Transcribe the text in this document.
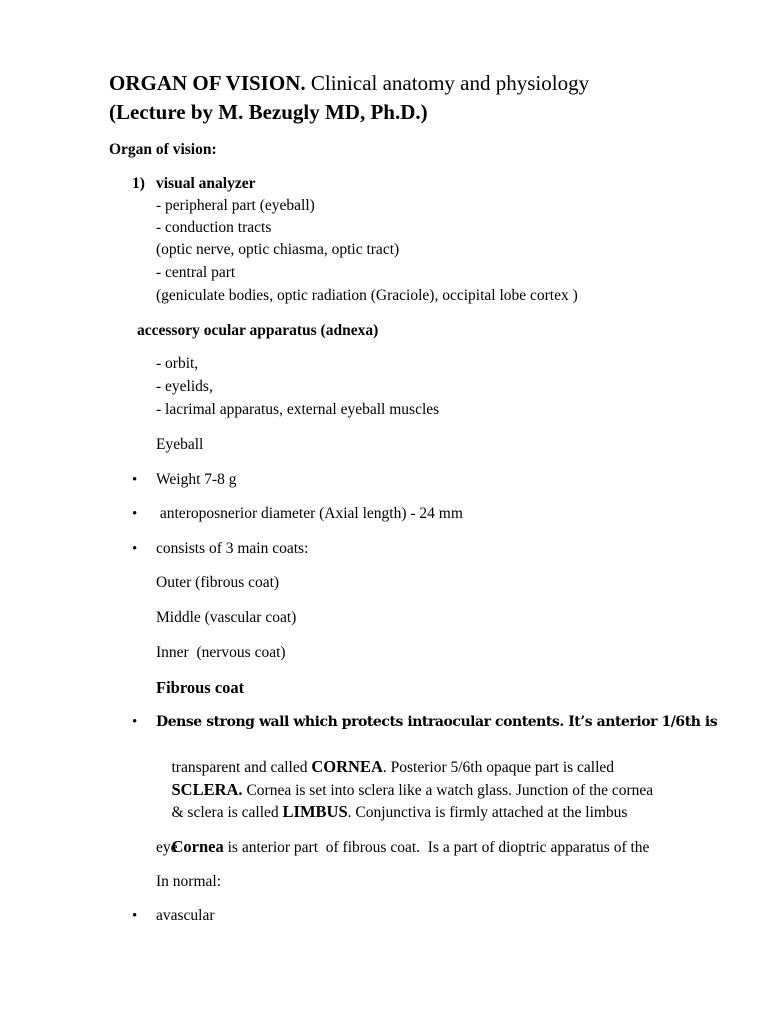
ORGAN OF VISION. Clinical anatomy and physiology
(Lecture by M. Bezugly MD, Ph.D.)
Organ of vision:
1) visual analyzer
- peripheral part (eyeball)
- conduction tracts
(optic nerve, optic chiasma, optic tract)
- central part
(geniculate bodies, optic radiation (Graciole), occipital lobe cortex )
accessory ocular apparatus (adnexa)
- orbit,
- eyelids,
- lacrimal apparatus, external eyeball muscles
Eyeball
• Weight 7-8 g
• anteroposnerior diameter (Axial length) - 24 mm
• consists of 3 main coats:
Outer (fibrous coat)
Middle (vascular coat)
Inner  (nervous coat)
Fibrous coat
• Dense strong wall which protects intraocular contents. It’s anterior 1/6th is

transparent and called CORNEA. Posterior 5/6th opaque part is called

SCLERA. Cornea is set into sclera like a watch glass. Junction of the cornea

& sclera is called LIMBUS. Conjunctiva is firmly attached at the limbus

Cornea is anterior part  of fibrous coat.  Is a part of dioptric apparatus of the

eye
In normal:
• avascular
